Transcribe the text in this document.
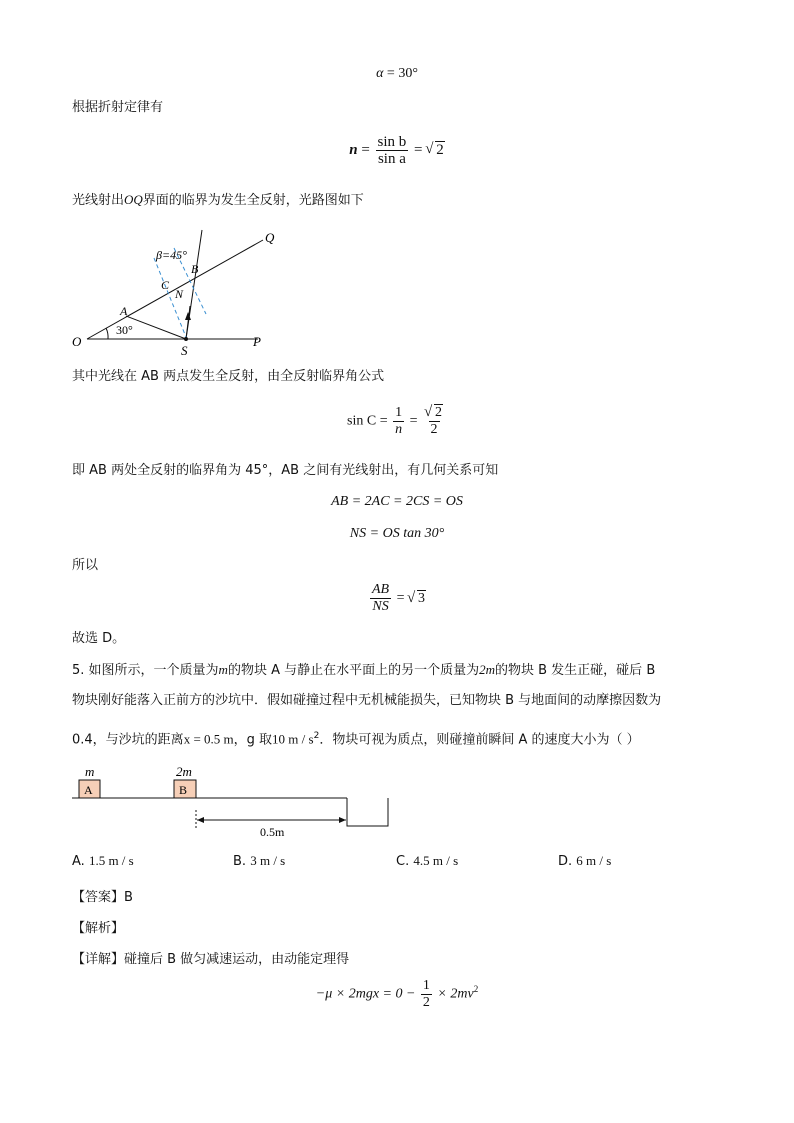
α = 30°
根据折射定律有
$n = \frac{\text{sin b}}{\text{sin a}}$ = √ 2
光线射出OQ界面的临界为发生全反射，光路图如下
Q
β=45°
B
C
N
A
30°
O
S
P
其中光线在 AB 两点发生全反射，由全反射临界角公式
$\sin C = \frac{1}{n}$ =
√ $\frac{2}{2}$
即 AB 两处全反射的临界角为 45°，AB 之间有光线射出，有几何关系可知
AB = 2AC = 2CS = OS
NS = OS tan 30°
所以
$\frac{AB}{NS}$ = √ 3
故选 D。
5. 如图所示，一个质量为m的物块 A 与静止在水平面上的另一个质量为2m的物块 B 发生正碰，碰后 B
物块刚好能落入正前方的沙坑中．假如碰撞过程中无机械能损失，已知物块 B 与地面间的动摩擦因数为
0.4，与沙坑的距离x = 0.5 m，g 取10 m / $s^2$．物块可视为质点，则碰撞前瞬间 A 的速度大小为（ ）
m
A
2m
B
0.5m
A. 1.5 m / s	B. 3 m / s	C. 4.5 m / s	D. 6 m / s
【答案】B
【解析】
【详解】碰撞后 B 做匀减速运动，由动能定理得
$-\mu \times 2mgx = 0 - \frac{1}{2} \times 2mv^2$
